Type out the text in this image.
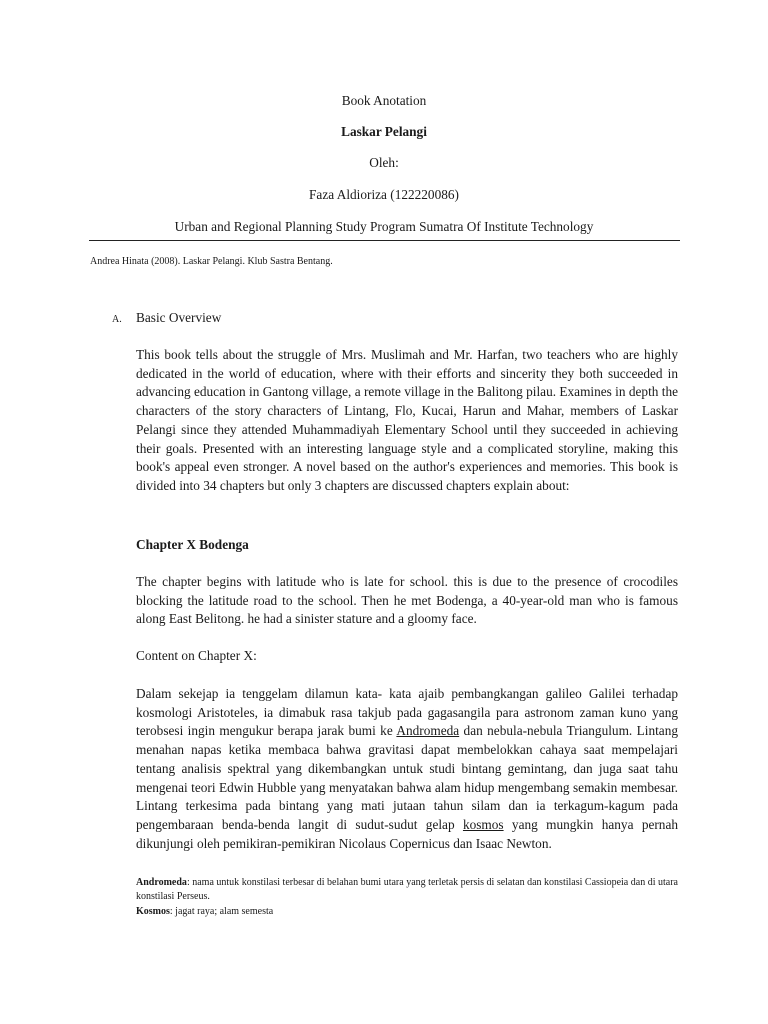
Book Anotation
Laskar Pelangi
Oleh:
Faza Aldioriza (122220086)
Urban and Regional Planning Study Program Sumatra Of Institute Technology
Andrea Hinata (2008). Laskar Pelangi. Klub Sastra Bentang.
A. Basic Overview

This book tells about the struggle of Mrs. Muslimah and Mr. Harfan, two teachers who are highly dedicated in the world of education, where with their efforts and sincerity they both succeeded in advancing education in Gantong village, a remote village in the Balitong pilau. Examines in depth the characters of the story characters of Lintang, Flo, Kucai, Harun and Mahar, members of Laskar Pelangi since they attended Muhammadiyah Elementary School until they succeeded in achieving their goals. Presented with an interesting language style and a complicated storyline, making this book's appeal even stronger. A novel based on the author's experiences and memories. This book is divided into 34 chapters but only 3 chapters are discussed chapters explain about:

Chapter X Bodenga

The chapter begins with latitude who is late for school. this is due to the presence of crocodiles blocking the latitude road to the school. Then he met Bodenga, a 40-year-old man who is famous along East Belitong. he had a sinister stature and a gloomy face.

Content on Chapter X:

Dalam sekejap ia tenggelam dilamun kata- kata ajaib pembangkangan galileo Galilei terhadap kosmologi Aristoteles, ia dimabuk rasa takjub pada gagasangila para astronom zaman kuno yang terobsesi ingin mengukur berapa jarak bumi ke Andromeda dan nebula-nebula Triangulum. Lintang menahan napas ketika membaca bahwa gravitasi dapat membelokkan cahaya saat mempelajari tentang analisis spektral yang dikembangkan untuk studi bintang gemintang, dan juga saat tahu mengenai teori Edwin Hubble yang menyatakan bahwa alam hidup mengembang semakin membesar. Lintang terkesima pada bintang yang mati jutaan tahun silam dan ia terkagum-kagum pada pengembaraan benda-benda langit di sudut-sudut gelap kosmos yang mungkin hanya pernah dikunjungi oleh pemikiran-pemikiran Nicolaus Copernicus dan Isaac Newton.

Andromeda: nama untuk konstilasi terbesar di belahan bumi utara yang terletak persis di selatan dan konstilasi Cassiopeia dan di utara konstilasi Perseus.

Kosmos: jagat raya; alam semesta
